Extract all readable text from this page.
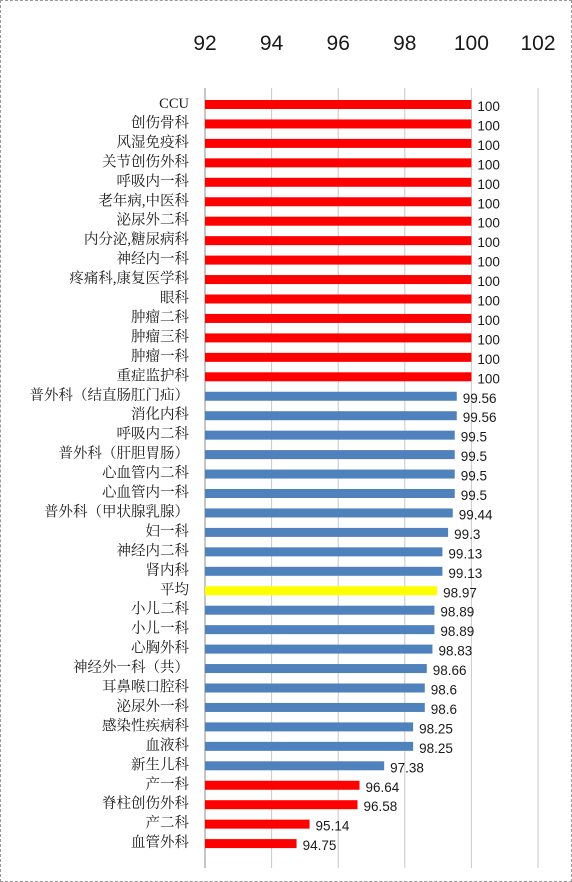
92 94 96 98 100 102
CCU
创伤骨科
风湿免疫科
关节创伤外科
呼吸内一科
老年病,中医科
泌尿外二科
内分泌,糖尿病科
神经内一科
疼痛科,康复医学科
眼科
肿瘤二科
肿瘤三科
肿瘤一科
重症监护科
普外科（结直肠肛门疝）
消化内科
呼吸内二科
普外科（肝胆胃肠）
心血管内二科
心血管内一科
普外科（甲状腺乳腺）
妇一科
神经内二科
肾内科
平均
小儿二科
小儿一科
心胸外科
神经外一科（共）
耳鼻喉口腔科
泌尿外一科
感染性疾病科
血液科
新生儿科
产一科
脊柱创伤外科
产二科
血管外科
100
100
100
100
100
100
100
100
100
100
100
100
100
100
100
99.56
99.56
99.5
99.5
99.5
99.5
99.44
99.3
99.13
99.13
98.97
98.89
98.89
98.83
98.66
98.6
98.6
98.25
98.25
97.38
96.64
96.58
95.14
94.75
